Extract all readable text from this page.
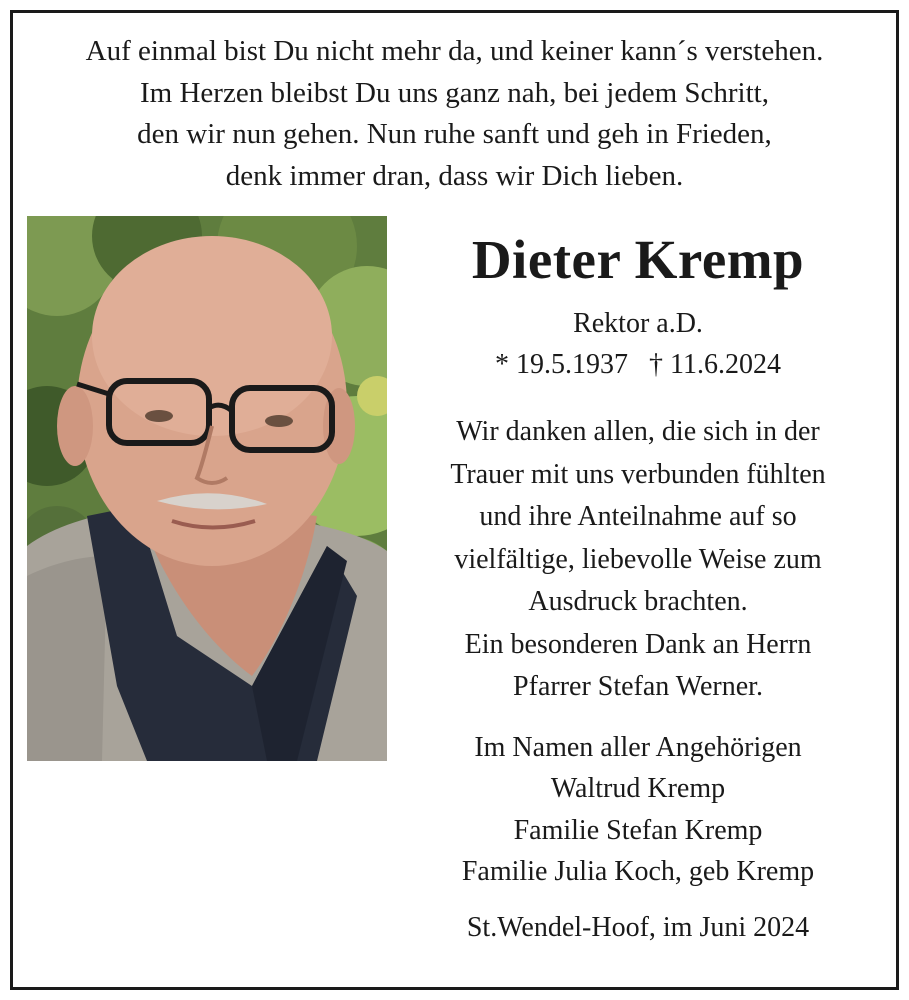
Auf einmal bist Du nicht mehr da, und keiner kann´s verstehen.
Im Herzen bleibst Du uns ganz nah, bei jedem Schritt,
den wir nun gehen. Nun ruhe sanft und geh in Frieden,
denk immer dran, dass wir Dich lieben.
Dieter Kremp
Rektor a.D.
* 19.5.1937 † 11.6.2024
Wir danken allen, die sich in der
Trauer mit uns verbunden fühlten
und ihre Anteilnahme auf so
vielfältige, liebevolle Weise zum
Ausdruck brachten.
Ein besonderen Dank an Herrn
Pfarrer Stefan Werner.
Im Namen aller Angehörigen
Waltrud Kremp
Familie Stefan Kremp
Familie Julia Koch, geb Kremp
St.Wendel-Hoof, im Juni 2024
